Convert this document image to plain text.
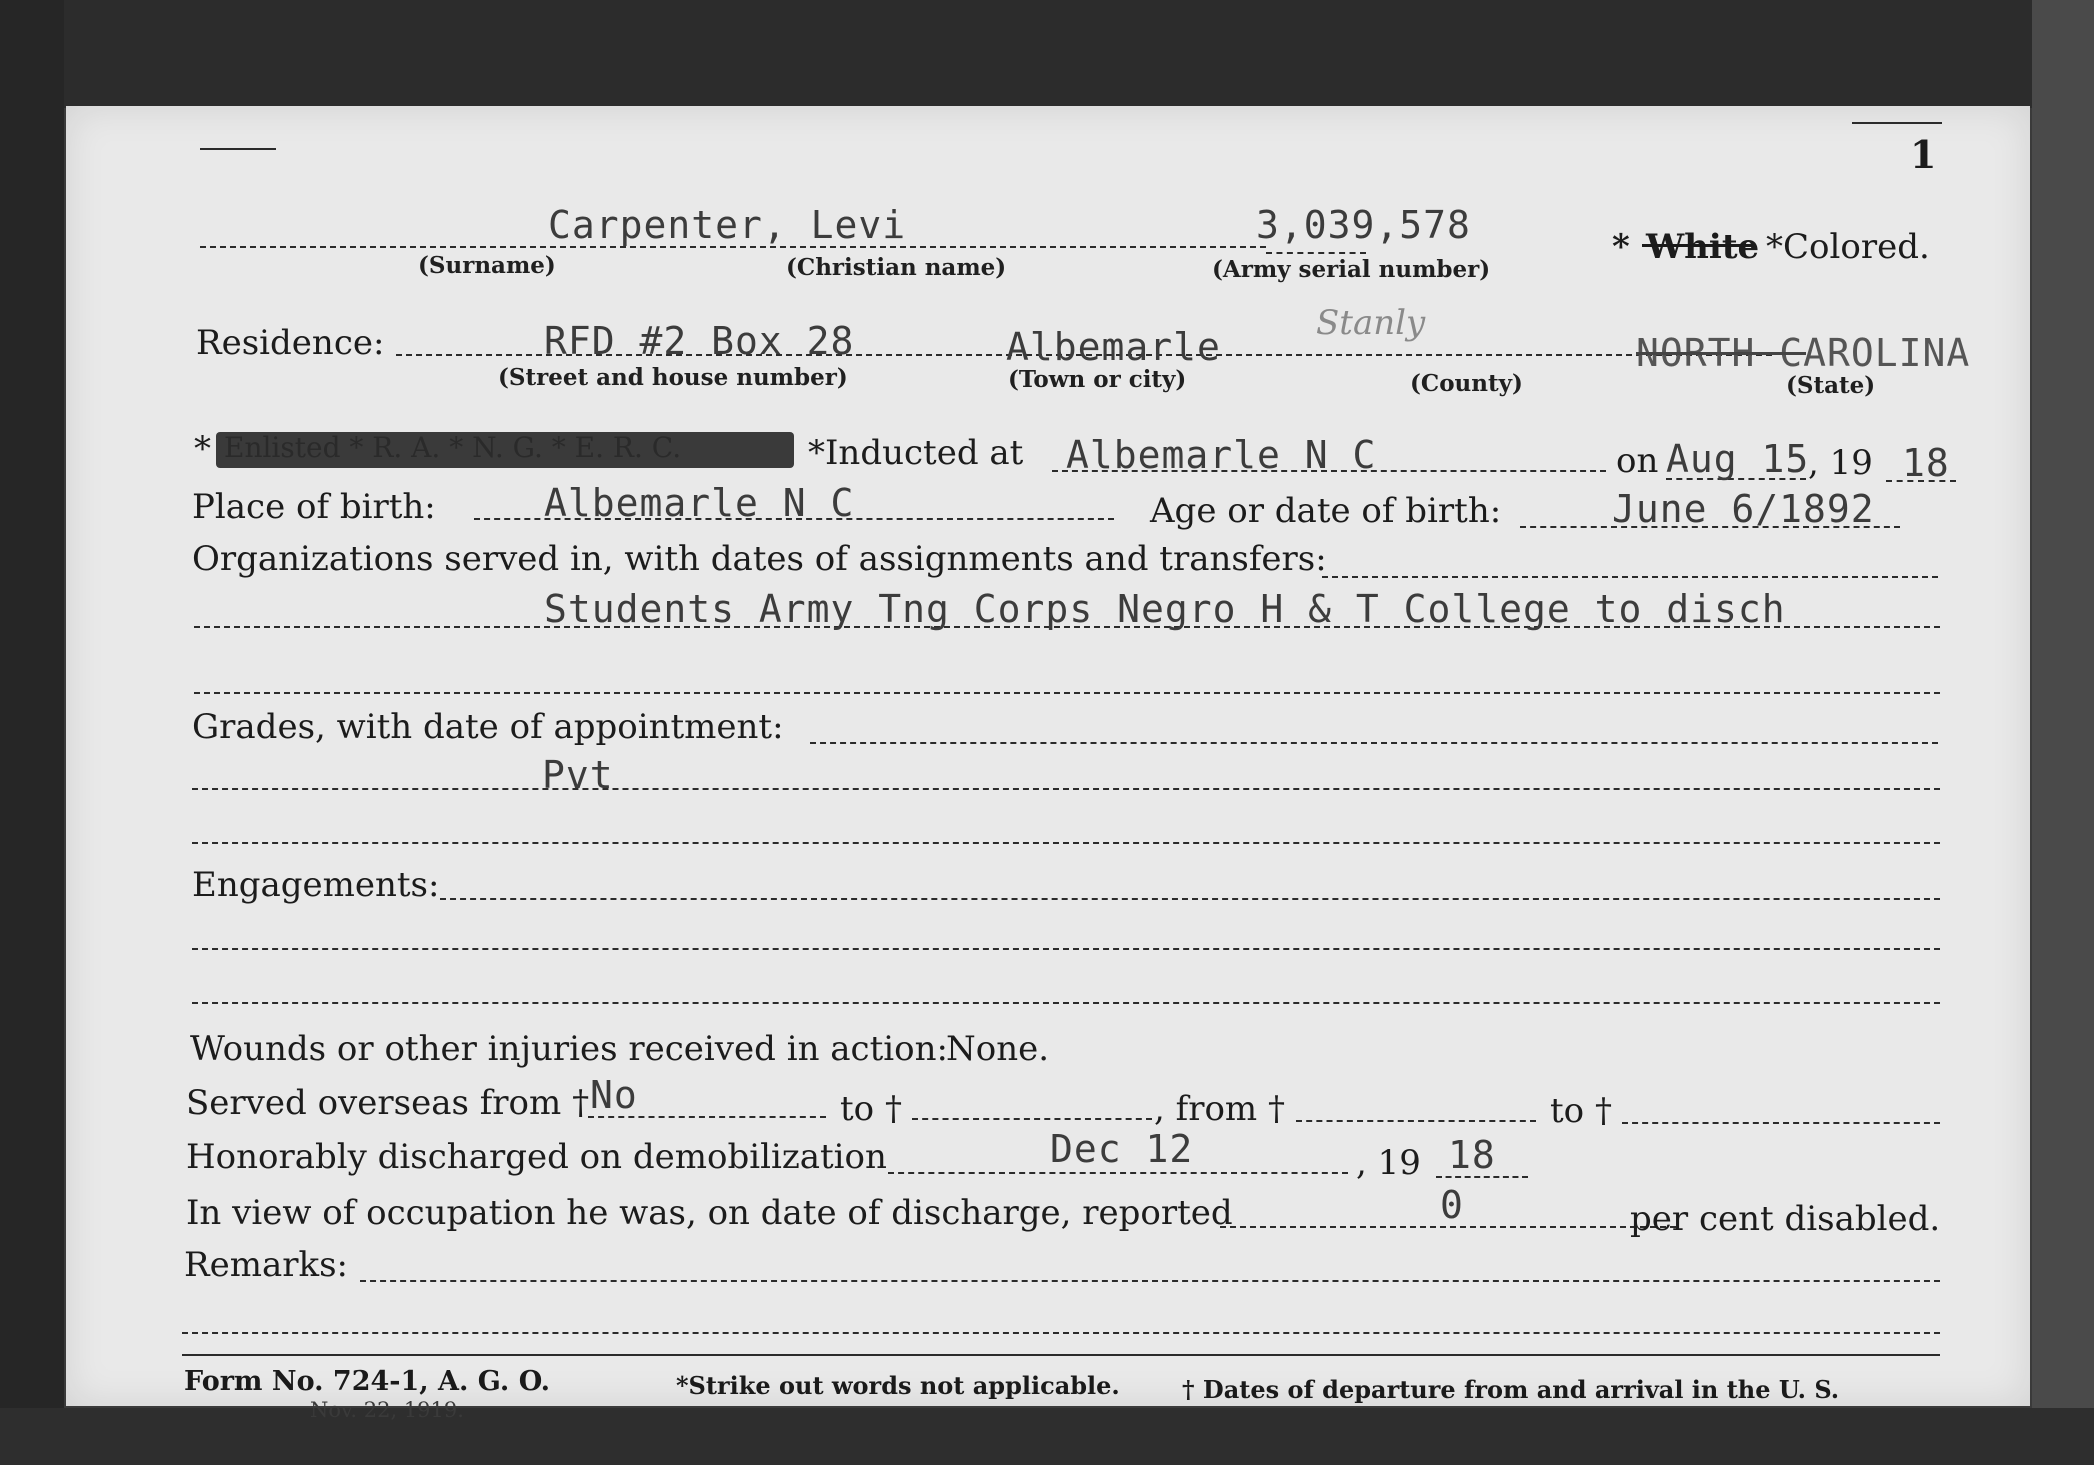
1
Carpenter, Levi	3,039,578
(Surname)	(Christian name)	(Army serial number)
* White *Colored.
Residence:	RFD #2 Box 28	Albemarle
Stanly
NORTH CAROLINA
(Street and house number)	(Town or city)	(County)	(State)
* Enlisted * R. A. * N. G. * E. R. C.	*Inducted at Albemarle N C	on Aug 15
, 19 18
Place of birth:	Albemarle N C	Age or date of birth:	June 6/1892
Organizations served in, with dates of assignments and transfers:
Students Army Tng Corps Negro H & T College to disch
Grades, with date of appointment:
Pvt
Engagements:
Wounds or other injuries received in action:
None.
Served overseas from † No	to †	, from †	to †
Honorably discharged on demobilization	Dec 12	, 19 18
In view of occupation he was, on date of discharge, reported	0	per cent disabled.
Remarks:
Form No. 724-1, A. G. O.
Nov. 22, 1919.
*Strike out words not applicable.	† Dates of departure from and arrival in the U. S.
